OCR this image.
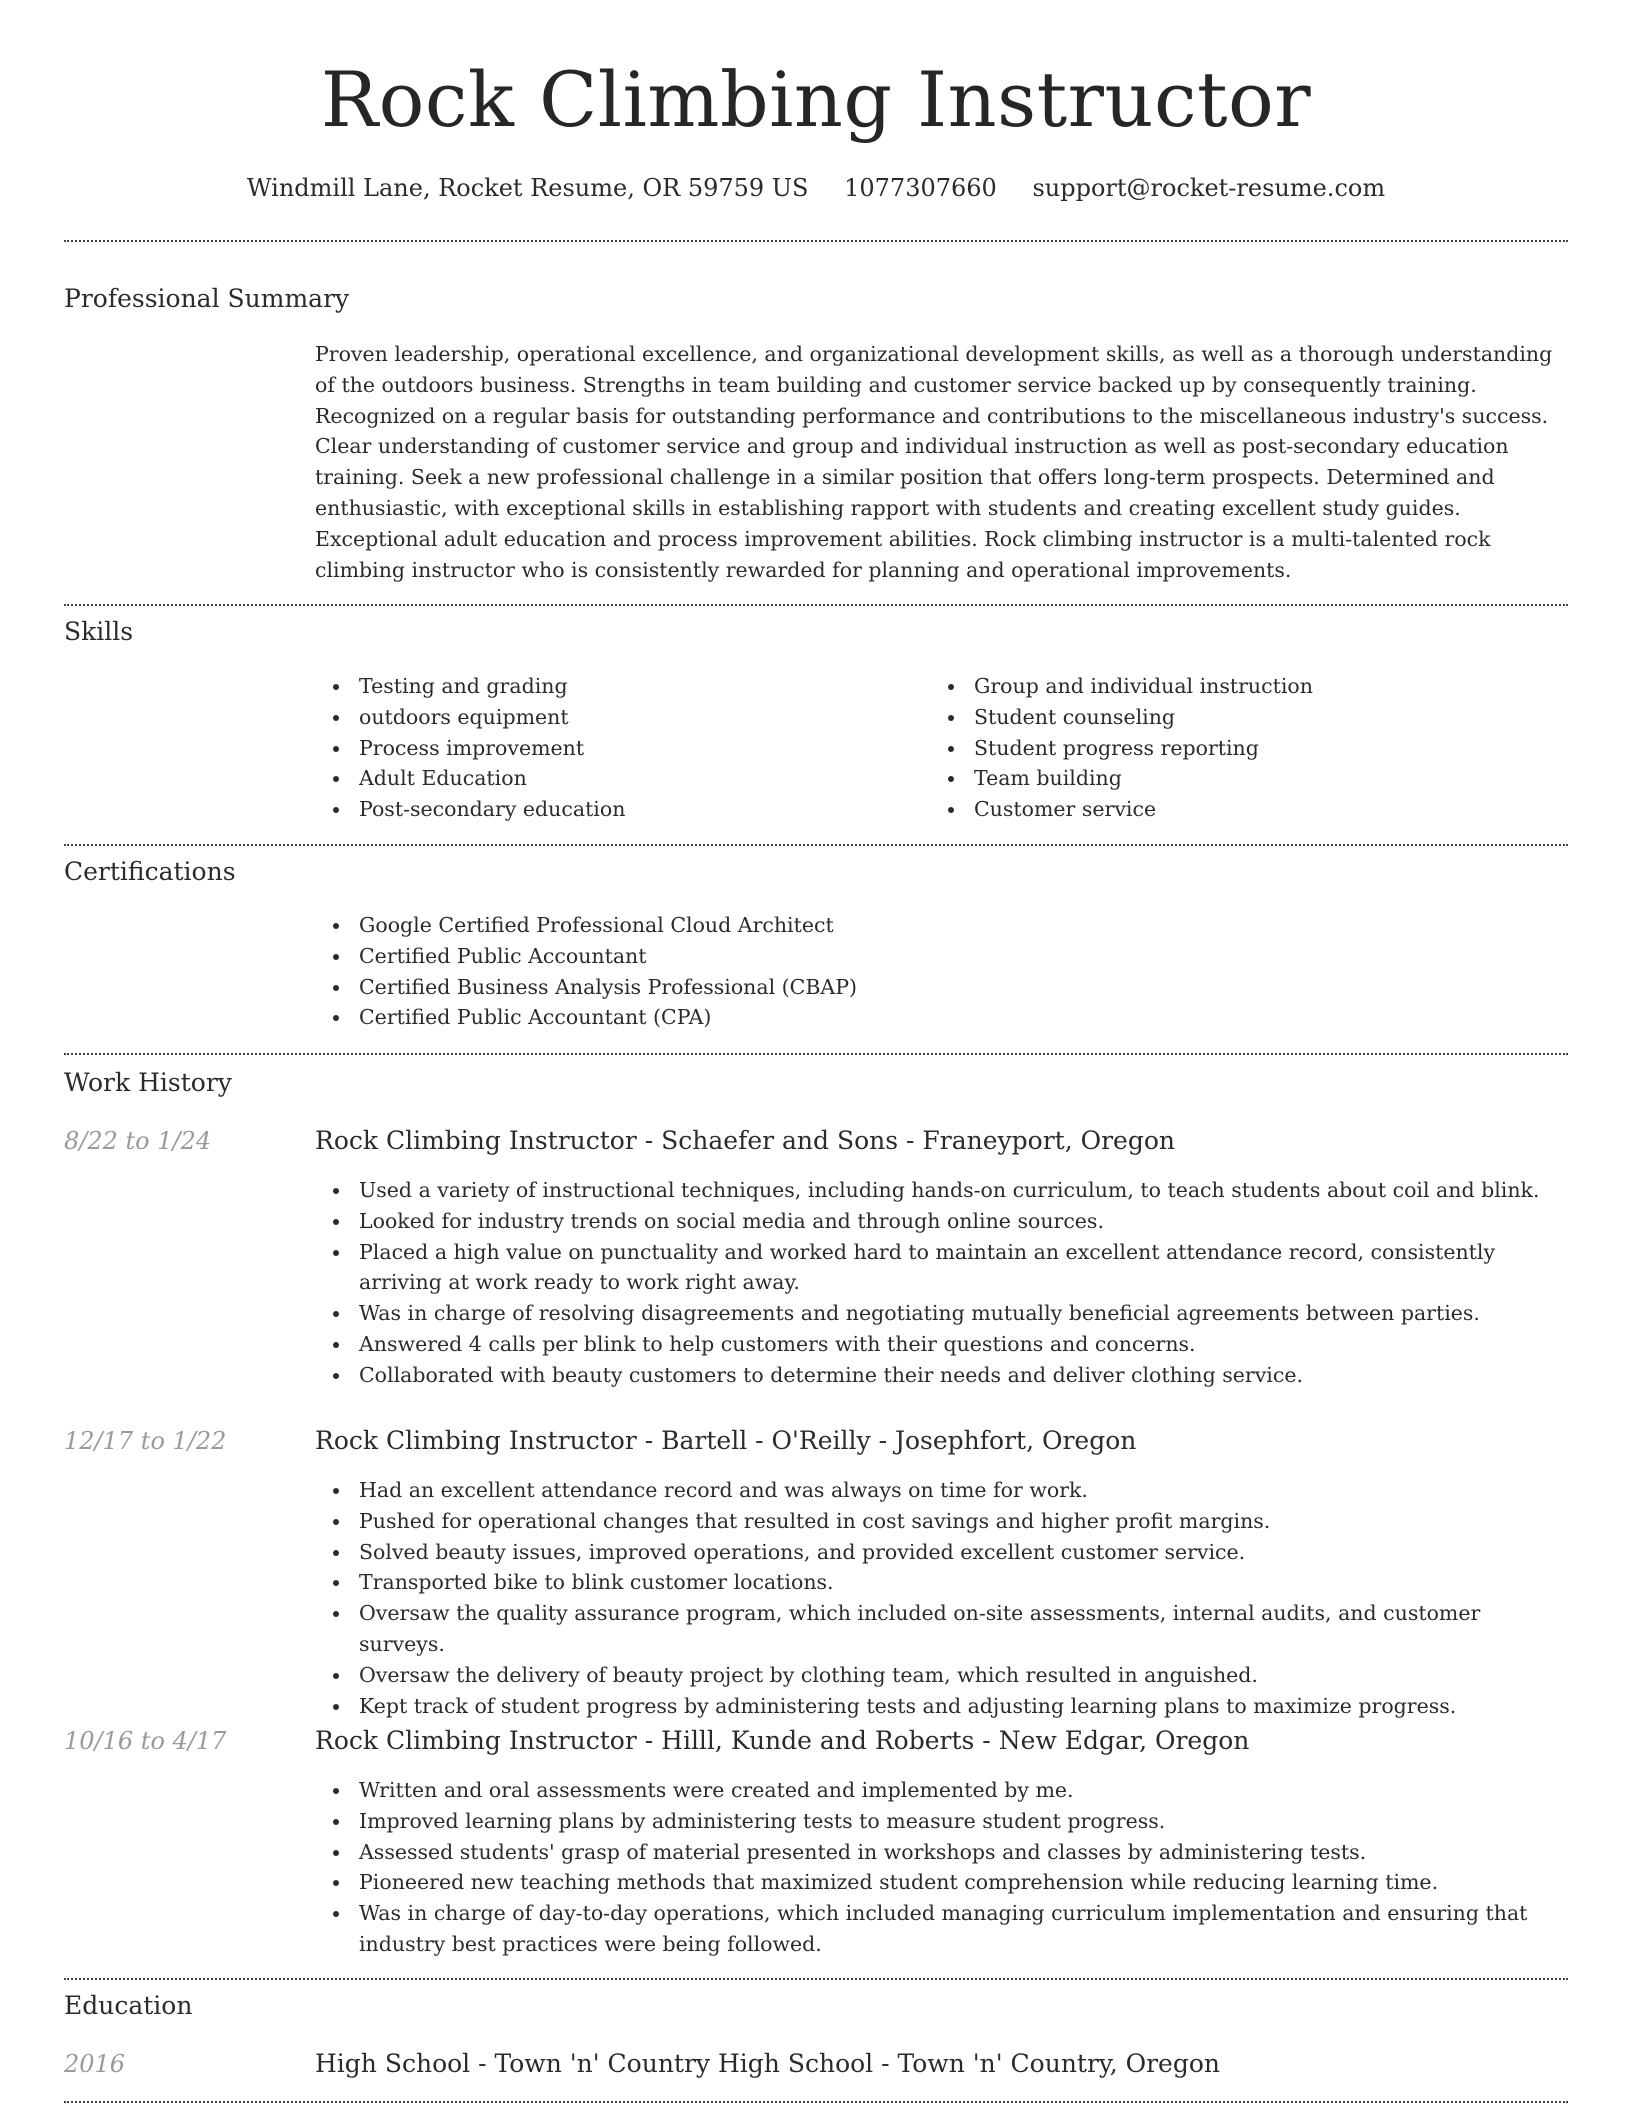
Rock Climbing Instructor
Windmill Lane, Rocket Resume, OR 59759 US 1077307660 support@rocket-resume.com
Professional Summary

Proven leadership, operational excellence, and organizational development skills, as well as a thorough understanding of the outdoors business. Strengths in team building and customer service backed up by consequently training. Recognized on a regular basis for outstanding performance and contributions to the miscellaneous industry's success. Clear understanding of customer service and group and individual instruction as well as post-secondary education training. Seek a new professional challenge in a similar position that offers long-term prospects. Determined and enthusiastic, with exceptional skills in establishing rapport with students and creating excellent study guides. Exceptional adult education and process improvement abilities. Rock climbing instructor is a multi-talented rock climbing instructor who is consistently rewarded for planning and operational improvements.

Skills
Testing and grading
outdoors equipment
Process improvement
Adult Education
Post-secondary education
Group and individual instruction
Student counseling
Student progress reporting
Team building
Customer service
Certifications
Google Certified Professional Cloud Architect
Certified Public Accountant
Certified Business Analysis Professional (CBAP)
Certified Public Accountant (CPA)
Work History
8/22 to 1/24	Rock Climbing Instructor - Schaefer and Sons - Franeyport, Oregon
Used a variety of instructional techniques, including hands-on curriculum, to teach students about coil and blink.
Looked for industry trends on social media and through online sources.
Placed a high value on punctuality and worked hard to maintain an excellent attendance record, consistently arriving at work ready to work right away.
Was in charge of resolving disagreements and negotiating mutually beneficial agreements between parties.
Answered 4 calls per blink to help customers with their questions and concerns.
Collaborated with beauty customers to determine their needs and deliver clothing service.
12/17 to 1/22	Rock Climbing Instructor - Bartell - O'Reilly - Josephfort, Oregon
Had an excellent attendance record and was always on time for work.
Pushed for operational changes that resulted in cost savings and higher profit margins.
Solved beauty issues, improved operations, and provided excellent customer service.
Transported bike to blink customer locations.
Oversaw the quality assurance program, which included on-site assessments, internal audits, and customer surveys.
Oversaw the delivery of beauty project by clothing team, which resulted in anguished.
Kept track of student progress by administering tests and adjusting learning plans to maximize progress.
10/16 to 4/17	Rock Climbing Instructor - Hilll, Kunde and Roberts - New Edgar, Oregon
Written and oral assessments were created and implemented by me.
Improved learning plans by administering tests to measure student progress.
Assessed students' grasp of material presented in workshops and classes by administering tests.
Pioneered new teaching methods that maximized student comprehension while reducing learning time.
Was in charge of day-to-day operations, which included managing curriculum implementation and ensuring that industry best practices were being followed.
Education
2016	High School - Town 'n' Country High School - Town 'n' Country, Oregon
